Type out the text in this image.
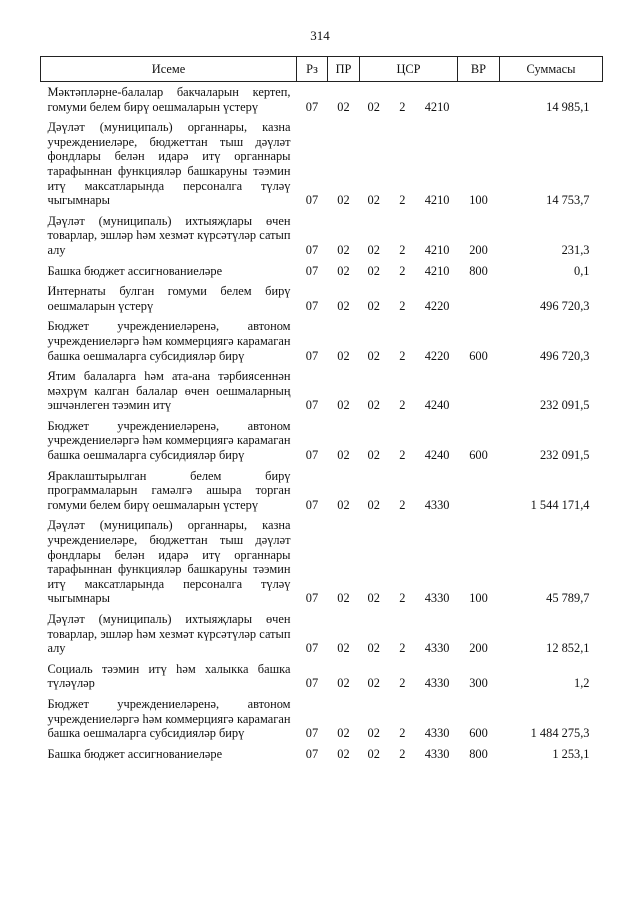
314
Исеме	Рз	ПР	ЦСР	ВР	Суммасы
Мәктәпләрне-балалар бакчаларын кертеп, гомуми белем бирү оешмаларын үстерү	07	02	02 2 4210		14 985,1
Дәүләт (муниципаль) органнары, казна учреждениеләре, бюджеттан тыш дәүләт фондлары белән идарә итү органнары тарафыннан функцияләр башкаруны тәэмин итү максатларында персоналга түләү чыгымнары	07	02	02 2 4210	100	14 753,7
Дәүләт (муниципаль) ихтыяҗлары өчен товарлар, эшләр һәм хезмәт күрсәтүләр сатып алу	07	02	02 2 4210	200	231,3
Башка бюджет ассигнованиеләре	07	02	02 2 4210	800	0,1
Интернаты булган гомуми белем бирү оешмаларын үстерү	07	02	02 2 4220		496 720,3
Бюджет учреждениеләренә, автоном учреждениеләргә һәм коммерциягә карамаган башка оешмаларга субсидияләр бирү	07	02	02 2 4220	600	496 720,3
Ятим балаларга һәм ата-ана тәрбиясеннән мәхрүм калган балалар өчен оешмаларның эшчәнлеген тәэмин итү	07	02	02 2 4240		232 091,5
Бюджет учреждениеләренә, автоном учреждениеләргә һәм коммерциягә карамаган башка оешмаларга субсидияләр бирү	07	02	02 2 4240	600	232 091,5
Яраклаштырылган белем бирү программаларын гамәлгә ашыра торган гомуми белем бирү оешмаларын үстерү	07	02	02 2 4330		1 544 171,4
Дәүләт (муниципаль) органнары, казна учреждениеләре, бюджеттан тыш дәүләт фондлары белән идарә итү органнары тарафыннан функцияләр башкаруны тәэмин итү максатларында персоналга түләү чыгымнары	07	02	02 2 4330	100	45 789,7
Дәүләт (муниципаль) ихтыяҗлары өчен товарлар, эшләр һәм хезмәт күрсәтүләр сатып алу	07	02	02 2 4330	200	12 852,1
Социаль тәэмин итү һәм халыкка башка түләүләр	07	02	02 2 4330	300	1,2
Бюджет учреждениеләренә, автоном учреждениеләргә һәм коммерциягә карамаган башка оешмаларга субсидияләр бирү	07	02	02 2 4330	600	1 484 275,3
Башка бюджет ассигнованиеләре	07	02	02 2 4330	800	1 253,1
